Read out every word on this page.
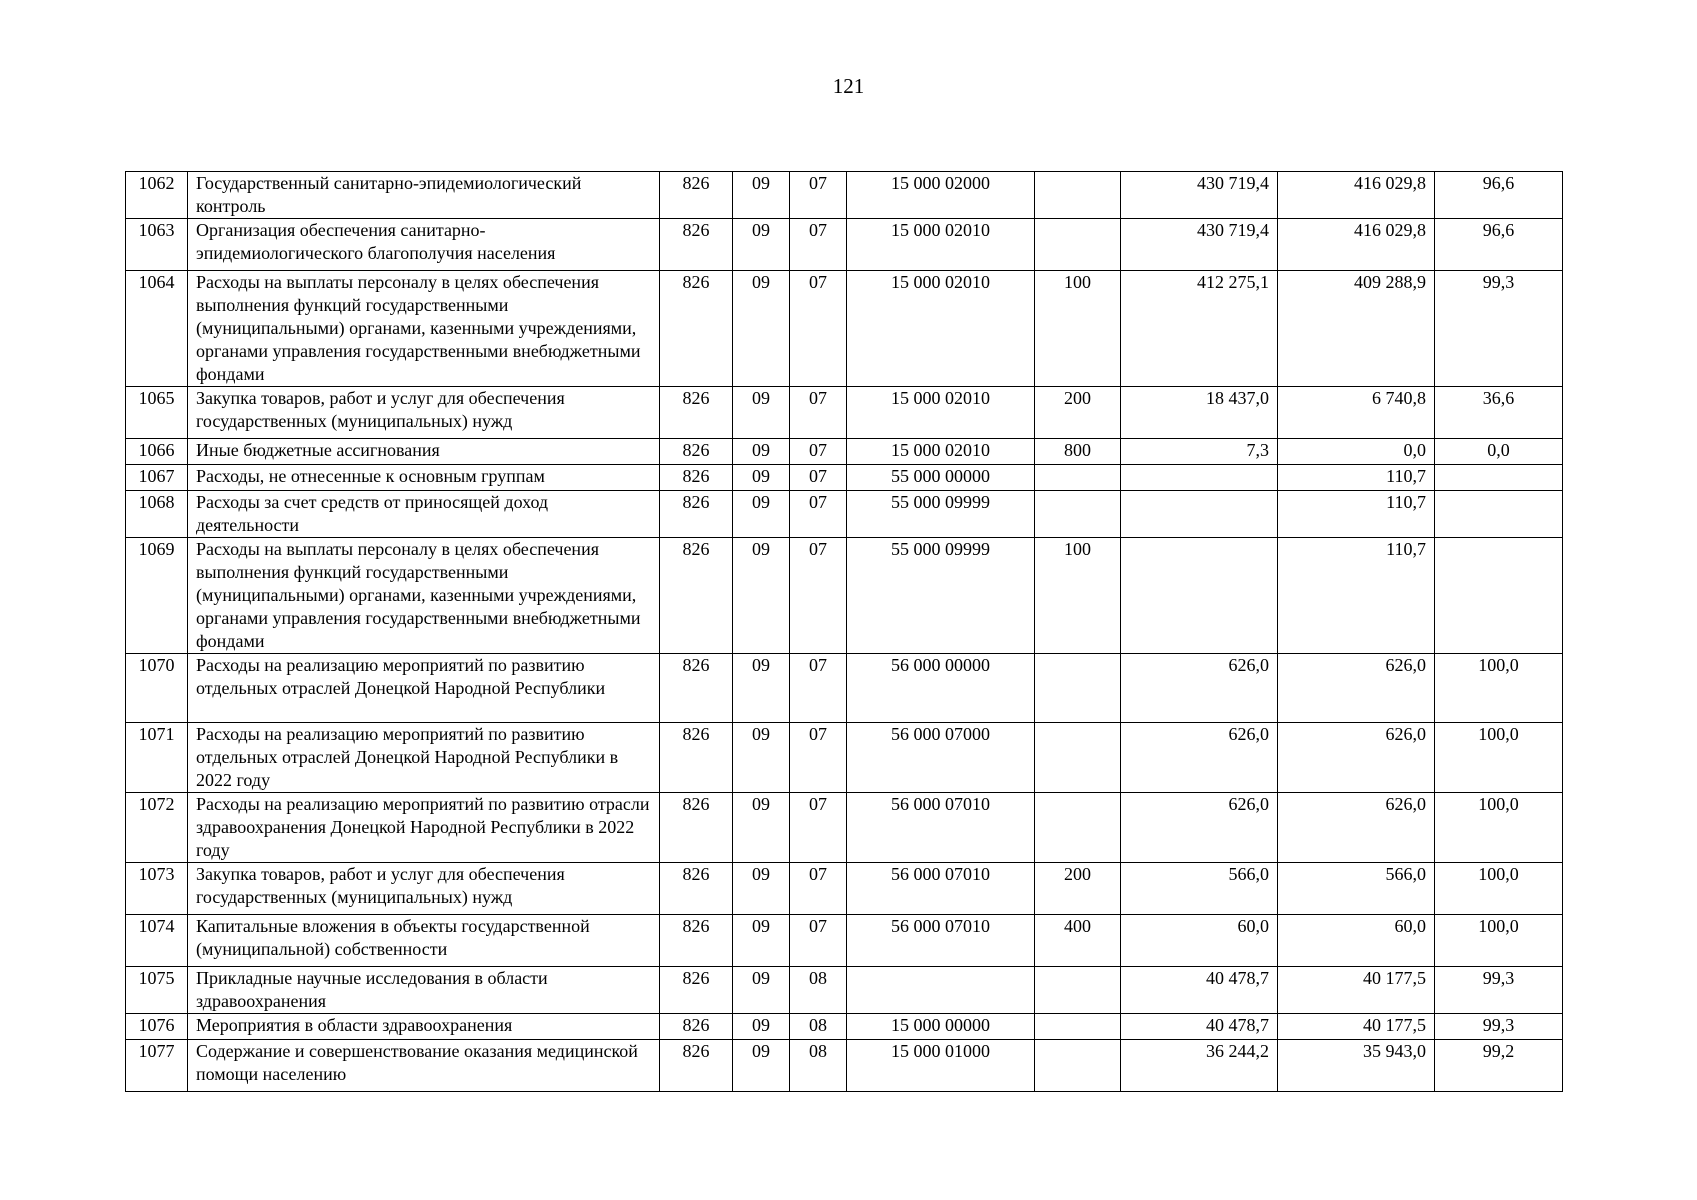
121
1062	Государственный санитарно-эпидемиологический контроль	826	09	07	15 000 02000		430 719,4	416 029,8	96,6
1063	Организация обеспечения санитарно-эпидемиологического благополучия населения	826	09	07	15 000 02010		430 719,4	416 029,8	96,6
1064	Расходы на выплаты персоналу в целях обеспечения выполнения функций государственными (муниципальными) органами, казенными учреждениями, органами управления государственными внебюджетными фондами	826	09	07	15 000 02010	100	412 275,1	409 288,9	99,3
1065	Закупка товаров, работ и услуг для обеспечения государственных (муниципальных) нужд	826	09	07	15 000 02010	200	18 437,0	6 740,8	36,6
1066	Иные бюджетные ассигнования	826	09	07	15 000 02010	800	7,3	0,0	0,0
1067	Расходы, не отнесенные к основным группам	826	09	07	55 000 00000			110,7	
1068	Расходы за счет средств от приносящей доход деятельности	826	09	07	55 000 09999			110,7	
1069	Расходы на выплаты персоналу в целях обеспечения выполнения функций государственными (муниципальными) органами, казенными учреждениями, органами управления государственными внебюджетными фондами	826	09	07	55 000 09999	100		110,7	
1070	Расходы на реализацию мероприятий по развитию отдельных отраслей Донецкой Народной Республики	826	09	07	56 000 00000		626,0	626,0	100,0
1071	Расходы на реализацию мероприятий по развитию отдельных отраслей Донецкой Народной Республики в 2022 году	826	09	07	56 000 07000		626,0	626,0	100,0
1072	Расходы на реализацию мероприятий по развитию отрасли здравоохранения Донецкой Народной Республики в 2022 году	826	09	07	56 000 07010		626,0	626,0	100,0
1073	Закупка товаров, работ и услуг для обеспечения государственных (муниципальных) нужд	826	09	07	56 000 07010	200	566,0	566,0	100,0
1074	Капитальные вложения в объекты государственной (муниципальной) собственности	826	09	07	56 000 07010	400	60,0	60,0	100,0
1075	Прикладные научные исследования в области здравоохранения	826	09	08			40 478,7	40 177,5	99,3
1076	Мероприятия в области здравоохранения	826	09	08	15 000 00000		40 478,7	40 177,5	99,3
1077	Содержание и совершенствование оказания медицинской помощи населению	826	09	08	15 000 01000		36 244,2	35 943,0	99,2
